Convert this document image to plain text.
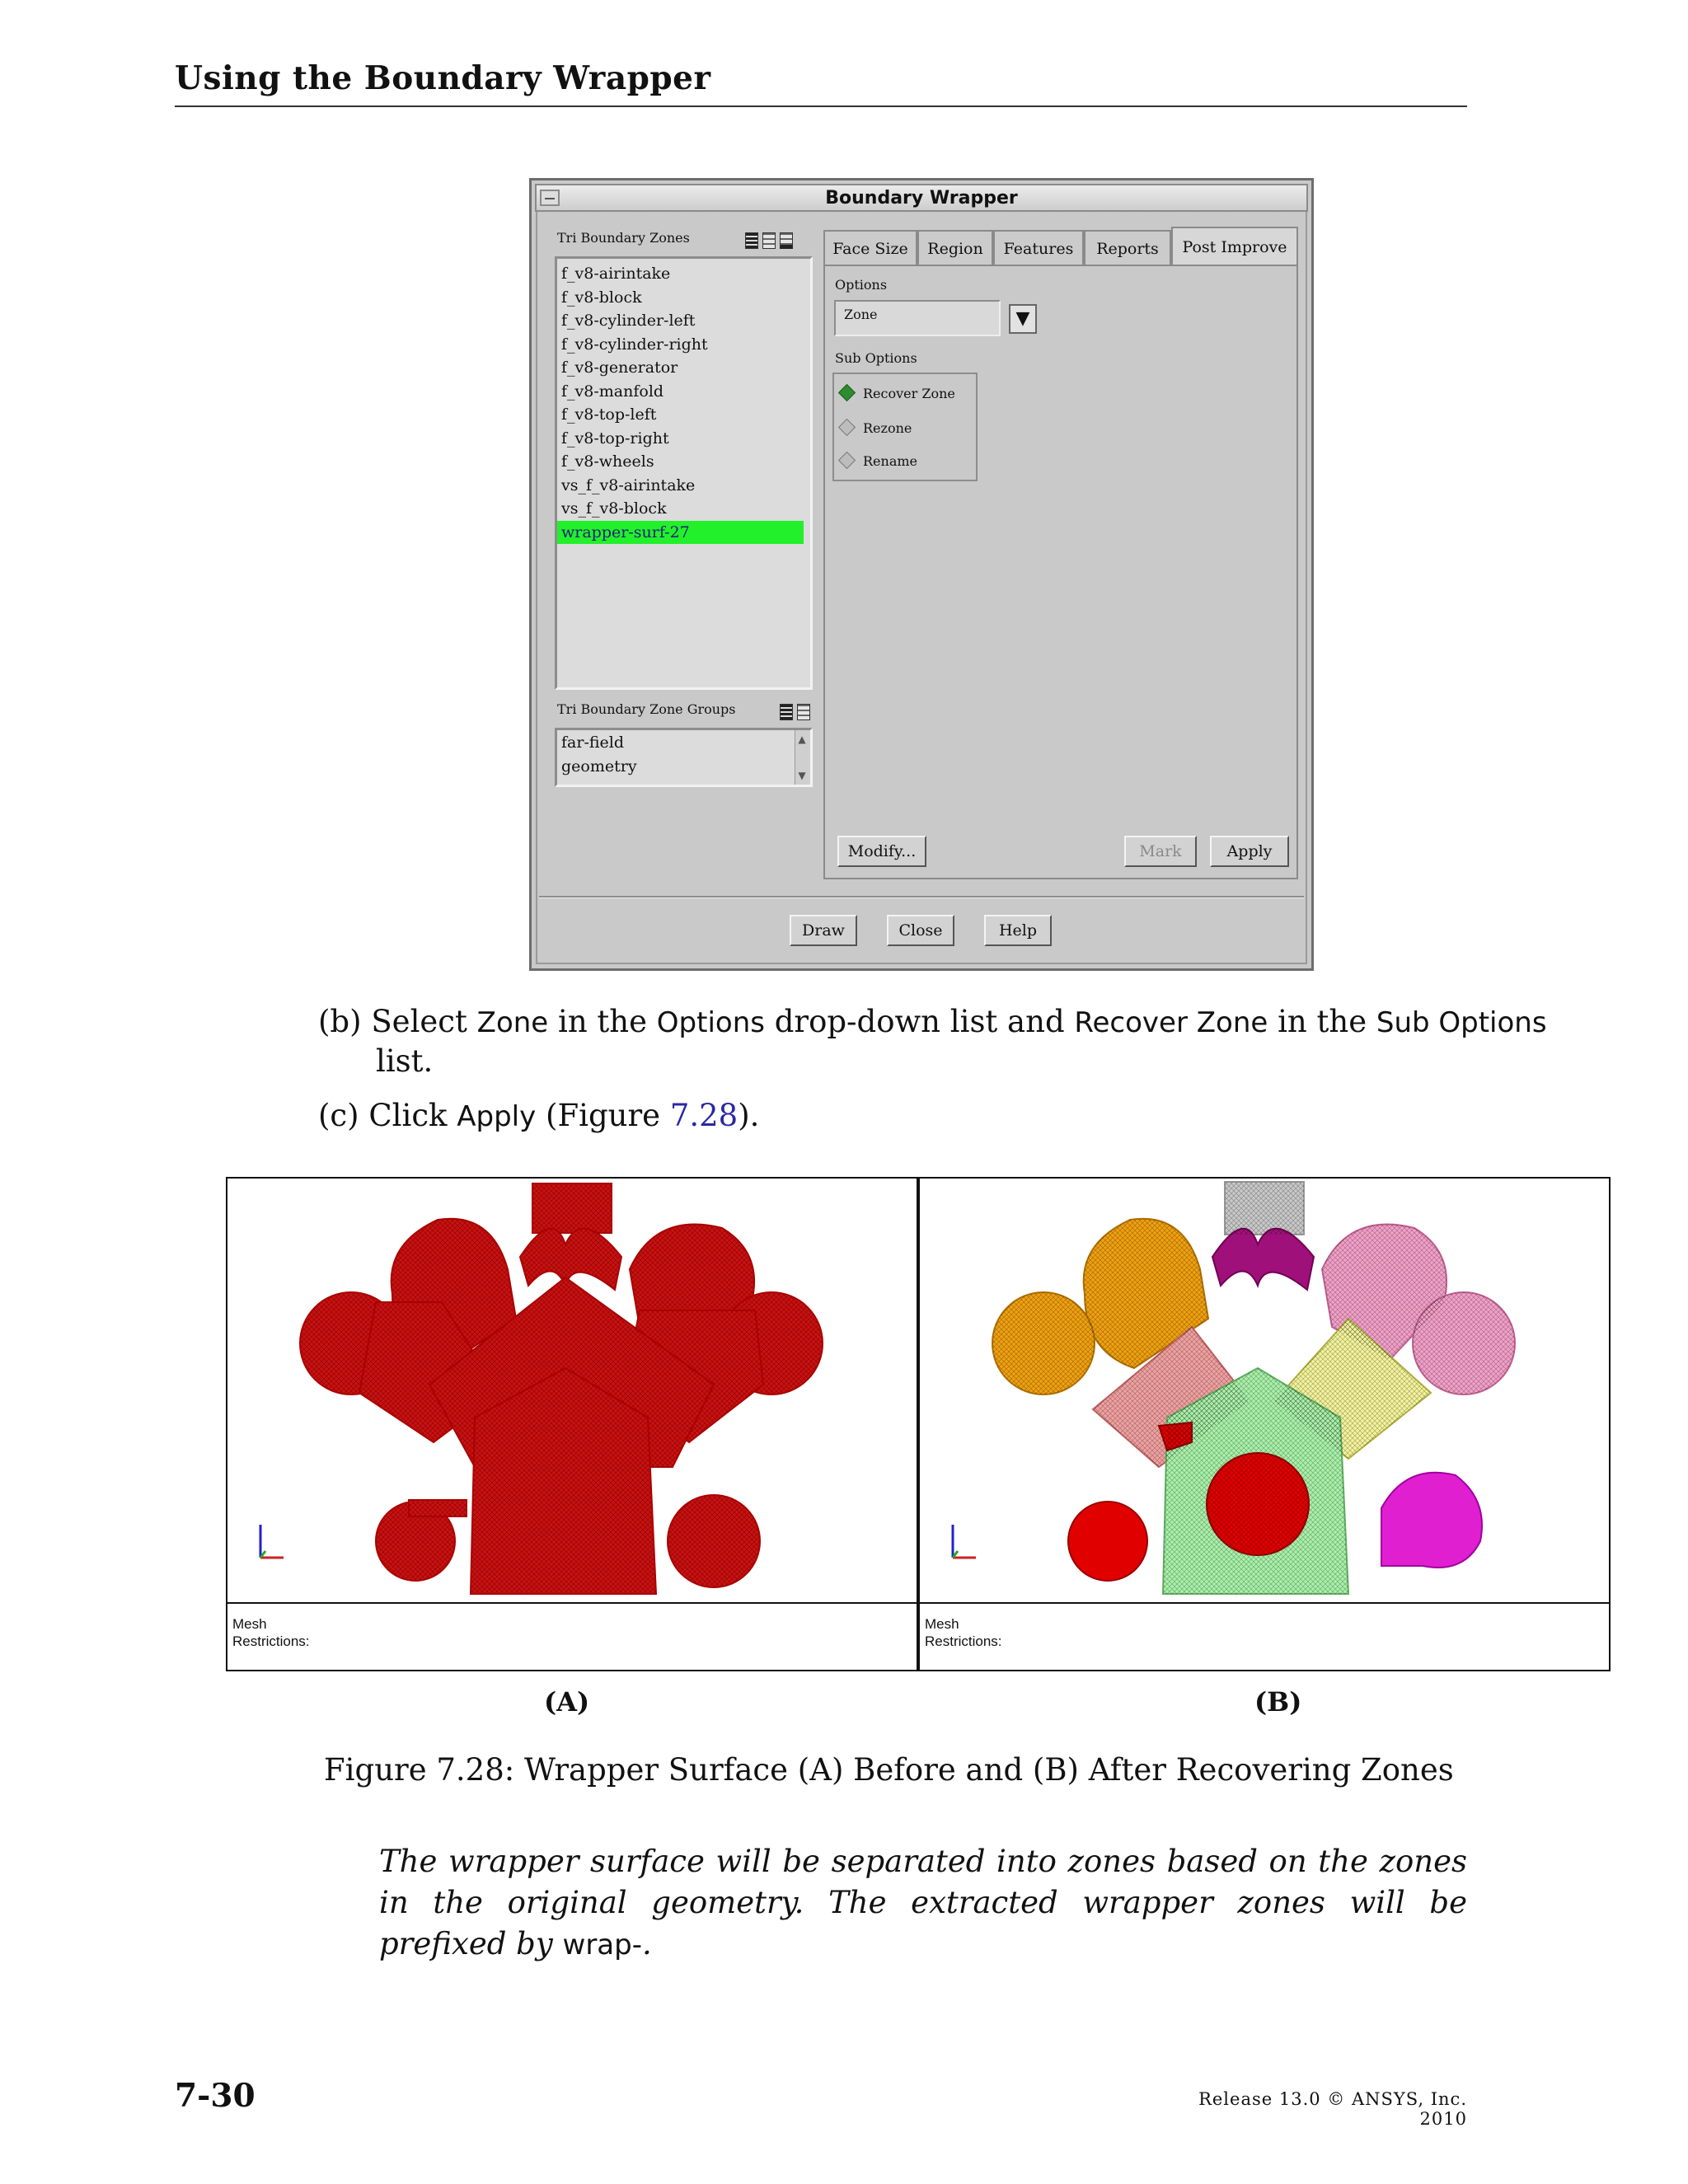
Using the Boundary Wrapper
Boundary Wrapper
Tri Boundary Zones
f_v8-airintake
f_v8-block
f_v8-cylinder-left
f_v8-cylinder-right
f_v8-generator
f_v8-manfold
f_v8-top-left
f_v8-top-right
f_v8-wheels
vs_f_v8-airintake
vs_f_v8-block
wrapper-surf-27
Tri Boundary Zone Groups
far-field
geometry
▲
▼
Face Size	Region	Features	Reports	Post Improve
Options
Zone	▼
Sub Options
Recover Zone
Rezone
Rename
Modify...	Mark	Apply
Draw	Close	Help
(b) Select Zone in the Options drop-down list and Recover Zone in the Sub Options
list.
(c) Click Apply (Figure 7.28).
Mesh
Restrictions:
Mesh
Restrictions:
(A)	(B)
Figure 7.28: Wrapper Surface (A) Before and (B) After Recovering Zones
The wrapper surface will be separated into zones based on the zones in the original geometry. The extracted wrapper zones will be prefixed by wrap-.
7-30	Release 13.0 © ANSYS, Inc. 2010
